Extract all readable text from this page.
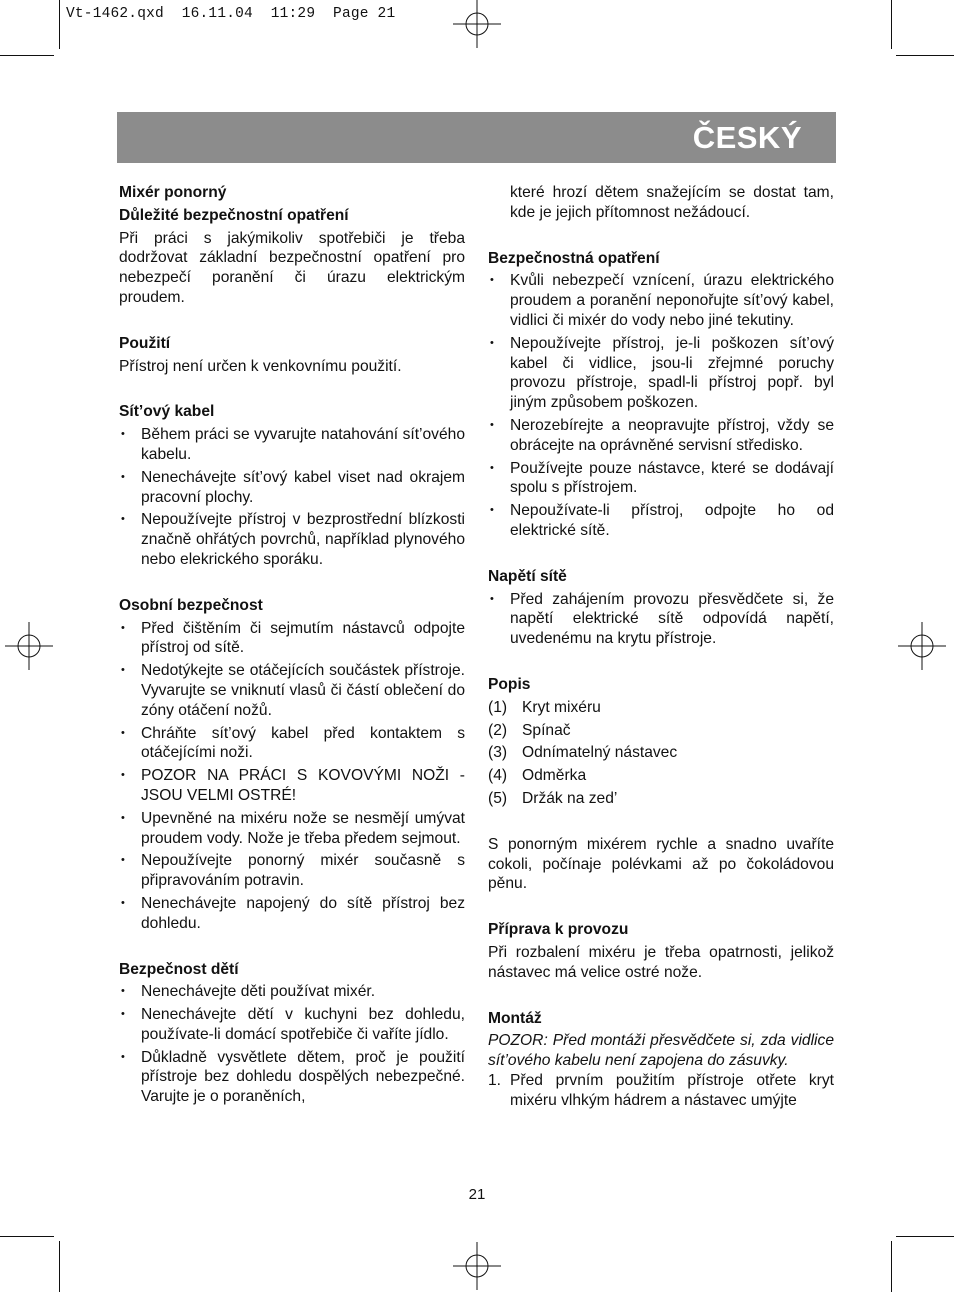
Vt-1462.qxd  16.11.04  11:29  Page 21
ČESKÝ
Mixér ponorný
Důležité bezpečnostní opatření

Při práci s jakýmikoliv spotřebiči je třeba dodržovat základní bezpečnostní opatření pro nebezpečí poranění či úrazu elektrickým proudem.

Použití

Přístroj není určen k venkovnímu použití.

Sít’ový kabel
• Během práci se vyvarujte natahování sít’ového kabelu.
• Nenechávejte sít’ový kabel viset nad okraјem pracovní plochy.
• Nepoužívejte přístroj v bezprostřední blízkosti značně ohřátých povrchů, například plynového nebo elekrického sporáku.
Osobní bezpečnost
• Před čištěním či sejmutím nástavců odpojte přístroj od sítě.
• Nedotýkejte se otáčejících součástek přístroje. Vyvarujte se vniknutí vlasů či částí oblečení do zóny otáčení nožů.
• Chráňte sít’ový kabel před kontaktem s otáčejícími noži.
• POZOR NA PRÁCI S KOVOVÝMI NOŽI - JSOU VELMI OSTRÉ!
• Upevněné na mixéru nože se nesmějí umývat proudem vody. Nože je třeba předem sejmout.
• Nepoužívejte ponorný mixér současně s připravováním potravin.
• Nenechávejte napojený do sítě přístroj bez dohledu.
Bezpečnost dětí
• Nenechávejte děti používat mixér.
• Nenechávejte dětí v kuchyni bez dohledu, používate-li domácí spotřebiče či vaříte jídlo.
• Důkladně vysvětlete dětem, proč je použití přístroje bez dohledu dospělých nebezpečné. Varujte je o poraněních,
které hrozí dětem snažejícím se dostat tam, kde je jejich přítomnost nežádoucí.
Bezpečnostná opatření
• Kvůli nebezpečí vznícení, úrazu elektrického proudem a poranění neponořujte sít’ový kabel, vidlici či mixér do vody nebo jiné tekutiny.
• Nepoužívejte přístroj, je-li poškozen sít’ový kabel či vidlice, jsou-li zřejmné poruchy provozu přístroje, spadl-li přístroj popř. byl jiným způsobem poškozen.
• Nerozebírejte a neopravujte přístroj, vždy se obrácejte na oprávněné servisní středisko.
• Používejte pouze nástavce, které se dodávají spolu s přístrojem.
• Nepoužívate-li přístroj, odpojte ho od elektrické sítě.
Napětí sítě
• Před zahájením provozu přesvědčete si, že napětí elektrické sítě odpovídá napětí, uvedenému na krytu přístroje.
Popis
(1) Kryt mixéru
(2) Spínač
(3) Odnímatelný nástavec
(4) Odměrka
(5) Držák na zed’

S ponorným mixérem rychle a snadno uvaříte cokoli, počínaje polévkami až po čokoládovou pěnu.

Příprava k provozu

Při rozbalení mixéru je třeba opatrnosti, jelikož nástavec má velice ostré nože.

Montáž

POZOR: Před montáži přesvědčete si, zda vidlice sít’ového kabelu není zapojena do zásuvky.

1. Před prvním použitím přístroje otřete kryt mixéru vlhkým hádrem a nástavec umýjte
21
